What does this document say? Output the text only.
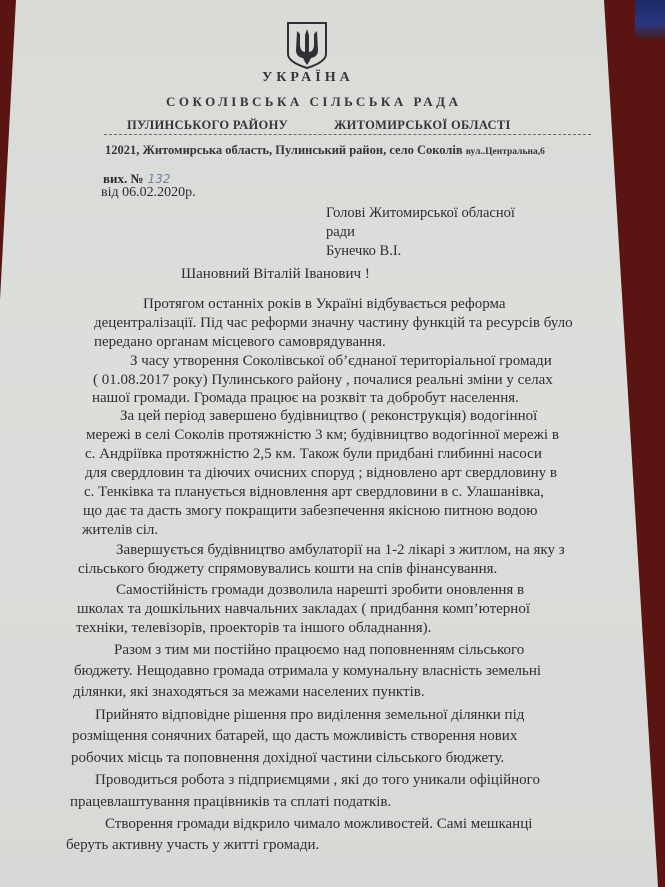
УКРАЇНА
СОКОЛІВСЬКА СІЛЬСЬКА РАДА
ПУЛИНСЬКОГО РАЙОНУ	ЖИТОМИРСЬКОЇ ОБЛАСТІ
12021, Житомирська область, Пулинський район, село Соколів вул..Центральна,6
вих. № 132
від 06.02.2020р.
Голові Житомирської обласної
ради
Бунечко В.І.
Шановний Віталій Іванович !
Протягом останніх років в Україні відбувається реформа
децентралізації. Під час реформи значну частину функцій та ресурсів було
передано органам місцевого самоврядування.
З часу утворення Соколівської об’єднаної територіальної громади
( 01.08.2017 року) Пулинського району , почалися реальні зміни у селах
нашої громади. Громада працює на розквіт та добробут населення.
За цей період завершено будівництво ( реконструкція) водогінної
мережі в селі Соколів протяжністю 3 км; будівництво водогінної мережі в
с. Андріївка протяжністю 2,5 км. Також були придбані глибинні насоси
для свердловин та діючих очисних споруд ; відновлено арт свердловину в
с. Тенківка та планується відновлення арт свердловини в с. Улашанівка,
що дає та дасть змогу покращити забезпечення якісною питною водою
жителів сіл.
Завершується будівництво амбулаторії на 1-2 лікарі з житлом, на яку з
сільського бюджету спрямовувались кошти на спів фінансування.
Самостійність громади дозволила нарешті зробити оновлення в
школах та дошкільних навчальних закладах ( придбання комп’ютерної
техніки, телевізорів, проекторів та іншого обладнання).
Разом з тим ми постійно працюємо над поповненням сільського
бюджету. Нещодавно громада отримала у комунальну власність земельні
ділянки, які знаходяться за межами населених пунктів.
Прийнято відповідне рішення про виділення земельної ділянки під
розміщення сонячних батарей, що дасть можливість створення нових
робочих місць та поповнення дохідної частини сільського бюджету.
Проводиться робота з підприємцями , які до того уникали офіційного
працевлаштування працівників та сплаті податків.
Створення громади відкрило чимало можливостей. Самі мешканці
беруть активну участь у житті громади.
